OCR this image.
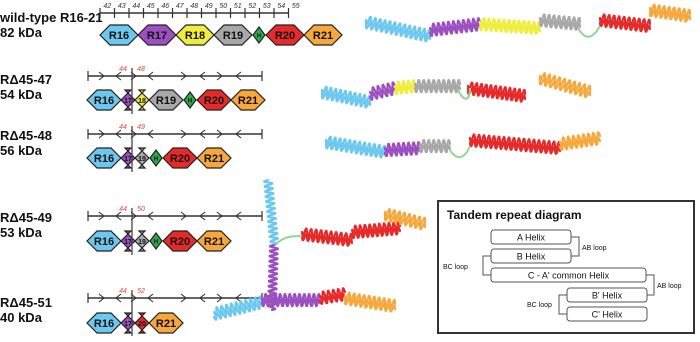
wild-type R16-21
82 kDa
RΔ45-47
54 kDa
RΔ45-48
56 kDa
RΔ45-49
53 kDa
RΔ45-51
40 kDa
42 43 44 45 46 47 48 49 50 51 52 53 54 55
44 48
44 49
44 50
44 52
R16 R17 R18 R19 H R20 R21
R16 17 18 R19 H R20 R21
R16 17 19 H R20 R21
R16 17 19 H R20 R21
R16 17 20 R21
Tandem repeat diagram
A Helix
B Helix
C - A' common Helix
B' Helix
C' Helix
AB loop
BC loop
AB loop
BC loop
